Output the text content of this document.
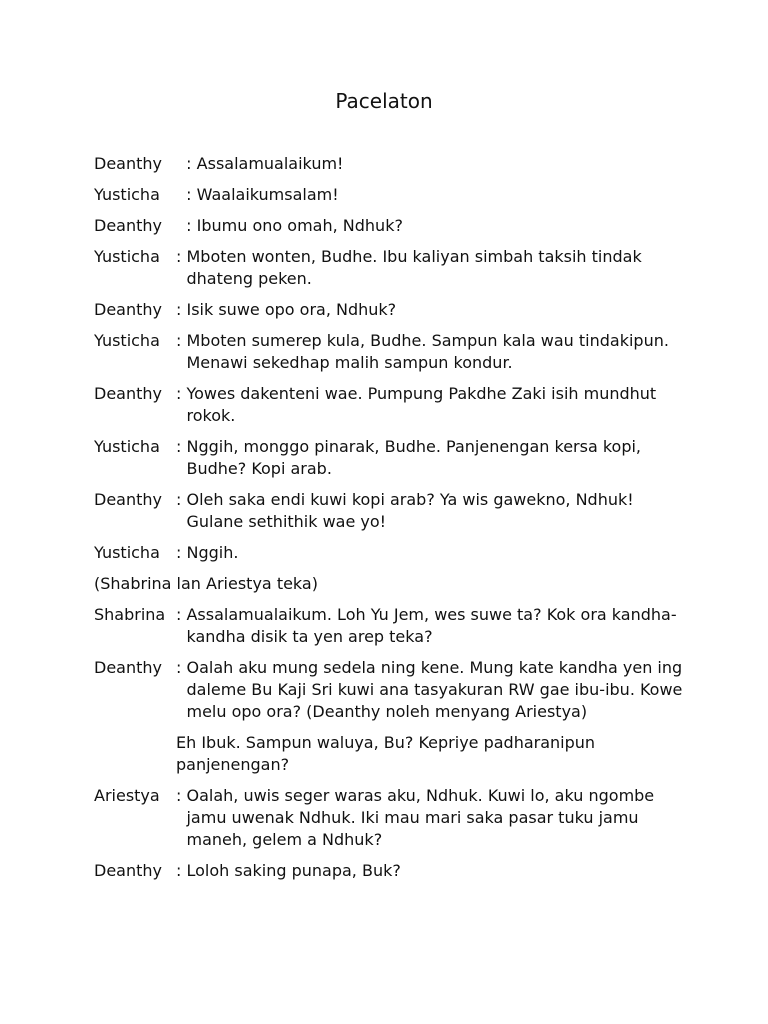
Pacelaton
Deanthy : Assalamualaikum!
Yusticha	: Waalaikumsalam!
Deanthy : Ibumu ono omah, Ndhuk?
Yusticha	: Mboten wonten, Budhe. Ibu kaliyan simbah taksih tindak dhateng peken.
Deanthy : Isik suwe opo ora, Ndhuk?
Yusticha	: Mboten sumerep kula, Budhe. Sampun kala wau tindakipun. Menawi sekedhap malih sampun kondur.
Deanthy : Yowes dakenteni wae. Pumpung Pakdhe Zaki isih mundhut rokok.
Yusticha	: Nggih, monggo pinarak, Budhe. Panjenengan kersa kopi, Budhe? Kopi arab.
Deanthy : Oleh saka endi kuwi kopi arab? Ya wis gawekno, Ndhuk! Gulane sethithik wae yo!
Yusticha	: Nggih.
(Shabrina lan Ariestya teka)
Shabrina : Assalamualaikum. Loh Yu Jem, wes suwe ta? Kok ora kandha-kandha disik ta yen arep teka?
Deanthy : Oalah aku mung sedela ning kene. Mung kate kandha yen ing daleme Bu Kaji Sri kuwi ana tasyakuran RW gae ibu-ibu. Kowe melu opo ora? (Deanthy noleh menyang Ariestya)
Eh Ibuk. Sampun waluya, Bu? Kepriye padharanipun panjenengan?
Ariestya	: Oalah, uwis seger waras aku, Ndhuk. Kuwi lo, aku ngombe jamu uwenak Ndhuk. Iki mau mari saka pasar tuku jamu maneh, gelem a Ndhuk?
Deanthy : Loloh saking punapa, Buk?
